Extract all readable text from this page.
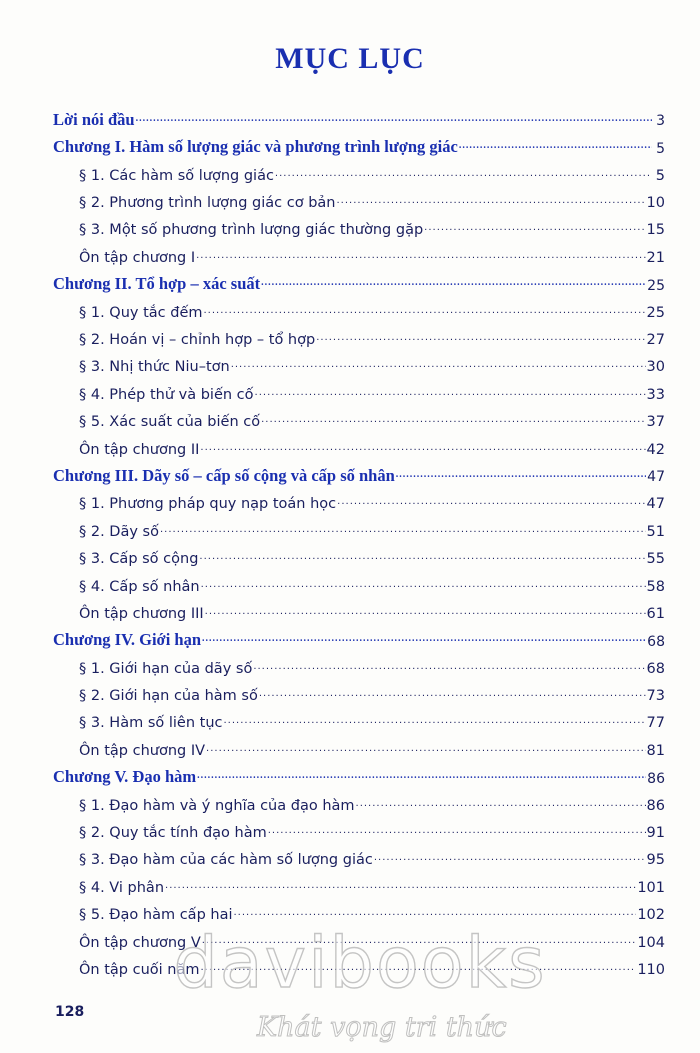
MỤC LỤC
Lời nói đầu .....	3
Chương I. Hàm số lượng giác và phương trình lượng giác .....	5
§ 1. Các hàm số lượng giác .....	5
§ 2. Phương trình lượng giác cơ bản .....	10
§ 3. Một số phương trình lượng giác thường gặp .....	15
Ôn tập chương I .....	21
Chương II. Tổ hợp – xác suất .....	25
§ 1. Quy tắc đếm .....	25
§ 2. Hoán vị – chỉnh hợp – tổ hợp .....	27
§ 3. Nhị thức Niu–tơn .....	30
§ 4. Phép thử và biến cố .....	33
§ 5. Xác suất của biến cố .....	37
Ôn tập chương II .....	42
Chương III. Dãy số – cấp số cộng và cấp số nhân .....	47
§ 1. Phương pháp quy nạp toán học .....	47
§ 2. Dãy số .....	51
§ 3. Cấp số cộng .....	55
§ 4. Cấp số nhân .....	58
Ôn tập chương III .....	61
Chương IV. Giới hạn .....	68
§ 1. Giới hạn của dãy số .....	68
§ 2. Giới hạn của hàm số .....	73
§ 3. Hàm số liên tục .....	77
Ôn tập chương IV .....	81
Chương V. Đạo hàm .....	86
§ 1. Đạo hàm và ý nghĩa của đạo hàm .....	86
§ 2. Quy tắc tính đạo hàm .....	91
§ 3. Đạo hàm của các hàm số lượng giác .....	95
§ 4. Vi phân .....	101
§ 5. Đạo hàm cấp hai .....	102
Ôn tập chương V .....	104
Ôn tập cuối năm .....	110
128
davibooks
Khát vọng tri thức
